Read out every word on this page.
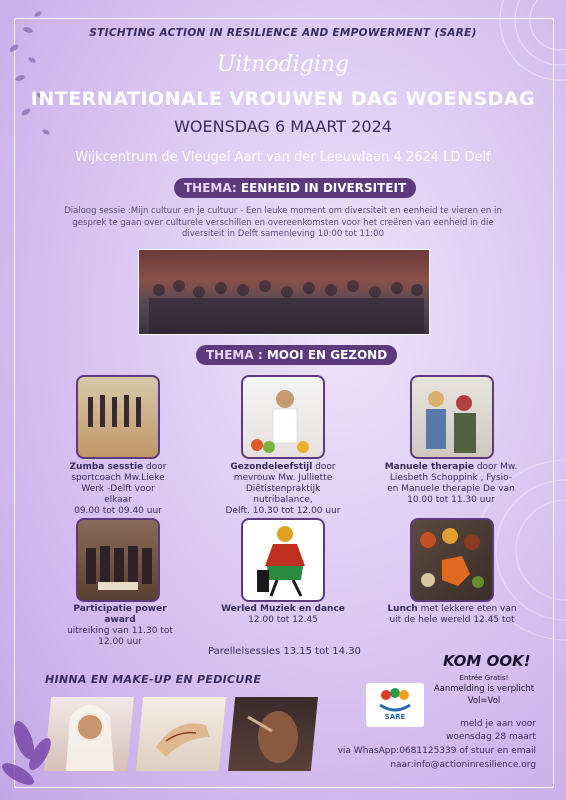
STICHTING ACTION IN RESILIENCE AND EMPOWERMENT (SARE)
Uitnodiging
INTERNATIONALE VROUWEN DAG WOENSDAG
WOENSDAG 6 MAART 2024
Wijkcentrum de Vleugel Aart van der Leeuwlaan 4 2624 LD Delf
THEMA: EENHEID IN DIVERSITEIT
Dialoog sessie :Mijn cultuur en je cultuur - Een leuke moment om diversiteit en eenheid te vieren en in gesprek te gaan over culturele verschillen en overeenkomsten voor het creëren van eenheid in die diversiteit in Delft samenleving 10:00 tot 11:00
THEMA : MOOI EN GEZOND
Zumba sesstie door
sportcoach Mw.Lieke
Werk -Delft voor elkaar
09.00 tot 09.40 uur
Gezondeleefstijl door
mevrouw Mw. Julliette
Diëtistenpraktijk nutribalance,
Delft. 10.30 tot 12.00 uur
Manuele therapie door Mw.
Liesbeth Schoppink , Fysio-
en Manuele therapie De van
10.00 tot 11.30 uur
Participatie power award
uitreiking van 11.30 tot
12.00 uur
Werled Muziek en dance
12.00 tot 12.45
Lunch met lekkere eten van
uit de hele wereld 12.45 tot
Parellelsessies 13.15 tot 14.30
KOM OOK!
Entrée Gratis!
Aanmelding is verplicht
Vol=Vol
HINNA EN MAKE-UP EN PEDICURE
SARE
meld je aan voor
woensdag 28 maart
via WhasApp:0681125339 of stuur en email
naar:info@actioninresilience.org
